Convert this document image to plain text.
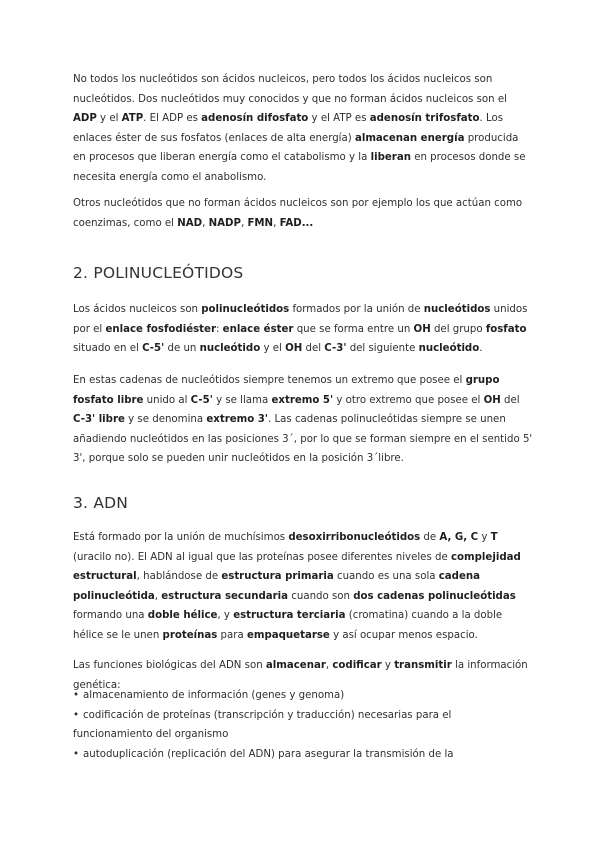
No todos los nucleótidos son ácidos nucleicos, pero todos los ácidos nucleicos son nucleótidos. Dos nucleótidos muy conocidos y que no forman ácidos nucleicos son el ADP y el ATP. El ADP es adenosín difosfato y el ATP es adenosín trifosfato. Los enlaces éster de sus fosfatos (enlaces de alta energía) almacenan energía producida en procesos que liberan energía como el catabolismo y la liberan en procesos donde se necesita energía como el anabolismo.

Otros nucleótidos que no forman ácidos nucleicos son por ejemplo los que actúan como coenzimas, como el NAD, NADP, FMN, FAD...

2. POLINUCLEÓTIDOS

Los ácidos nucleicos son polinucleótidos formados por la unión de nucleótidos unidos por el enlace fosfodiéster: enlace éster que se forma entre un OH del grupo fosfato situado en el C-5' de un nucleótido y el OH del C-3' del siguiente nucleótido.

En estas cadenas de nucleótidos siempre tenemos un extremo que posee el grupo fosfato libre unido al C-5' y se llama extremo 5' y otro extremo que posee el OH del C-3' libre y se denomina extremo 3'. Las cadenas polinucleótidas siempre se unen añadiendo nucleótidos en las posiciones 3´, por lo que se forman siempre en el sentido 5' 3', porque solo se pueden unir nucleótidos en la posición 3´libre.

3. ADN

Está formado por la unión de muchísimos desoxirribonucleótidos de A, G, C y T (uracilo no). El ADN al igual que las proteínas posee diferentes niveles de complejidad estructural, hablándose de estructura primaria cuando es una sola cadena polinucleótida, estructura secundaria cuando son dos cadenas polinucleótidas formando una doble hélice, y estructura terciaria (cromatina) cuando a la doble hélice se le unen proteínas para empaquetarse y así ocupar menos espacio.

Las funciones biológicas del ADN son almacenar, codificar y transmitir la información genética:

• almacenamiento de información (genes y genoma)
• codificación de proteínas (transcripción y traducción) necesarias para el funcionamiento del organismo
• autoduplicación (replicación del ADN) para asegurar la transmisión de la
